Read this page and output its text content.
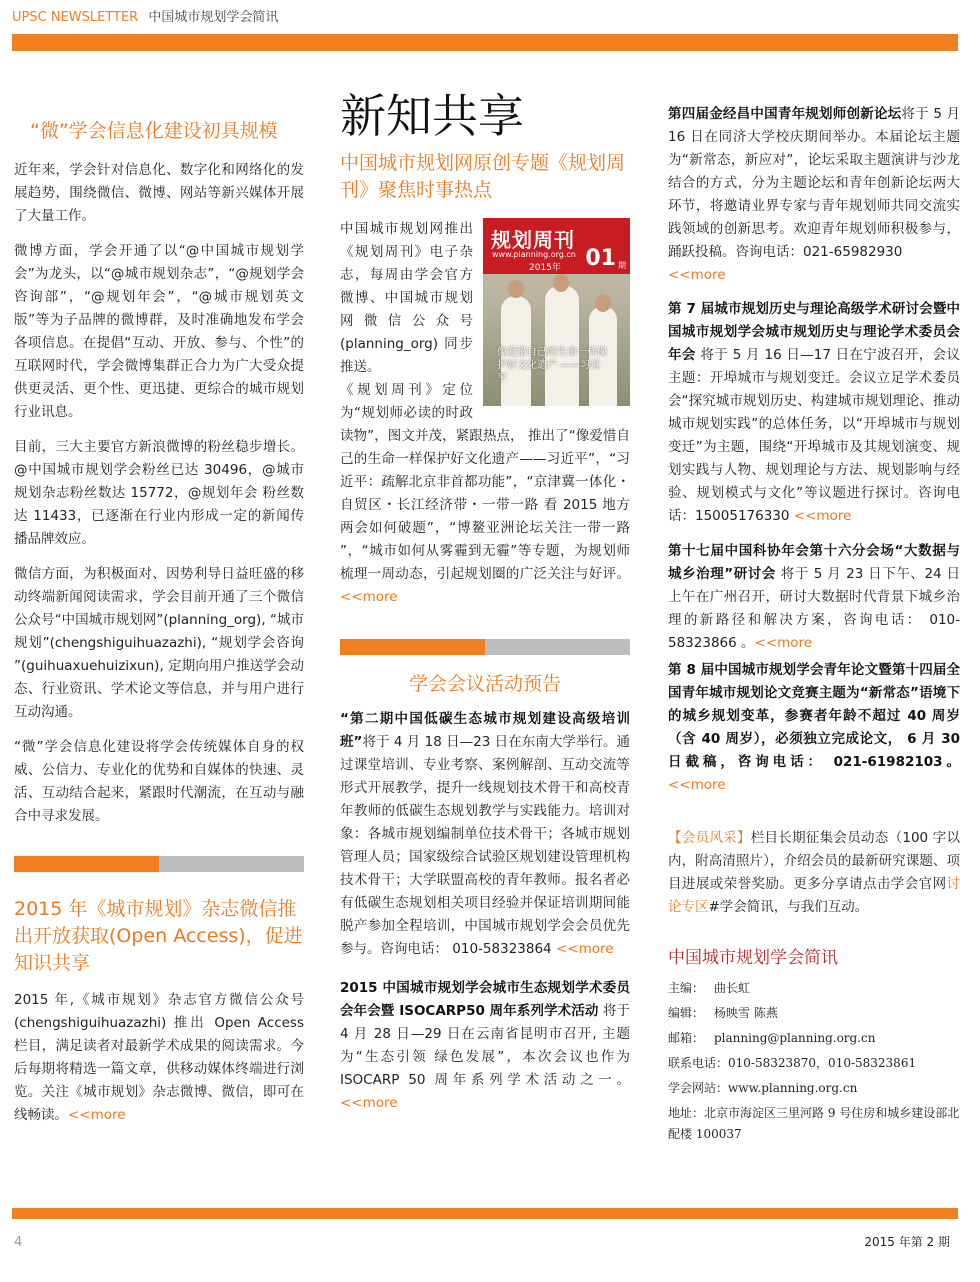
UPSC NEWSLETTER 中国城市规划学会简讯
“微”学会信息化建设初具规模

近年来，学会针对信息化、数字化和网络化的发展趋势，围绕微信、微博、网站等新兴媒体开展了大量工作。

微博方面，学会开通了以“@中国城市规划学会”为龙头，以“@城市规划杂志”，“@规划学会咨询部”，“@规划年会”，“@城市规划英文版”等为子品牌的微博群，及时准确地发布学会各项信息。在提倡“互动、开放、参与、个性”的互联网时代，学会微博集群正合力为广大受众提供更灵活、更个性、更迅捷、更综合的城市规划行业讯息。

目前，三大主要官方新浪微博的粉丝稳步增长。@中国城市规划学会粉丝已达 30496，@城市规划杂志粉丝数达 15772，@规划年会 粉丝数达 11433，已逐渐在行业内形成一定的新闻传播品牌效应。

微信方面，为积极面对、因势利导日益旺盛的移动终端新闻阅读需求，学会目前开通了三个微信公众号“中国城市规划网”(planning_org), “城市规划”(chengshiguihuazazhi), “规划学会咨询 ”(guihuaxuehuizixun), 定期向用户推送学会动态、行业资讯、学术论文等信息，并与用户进行互动沟通。

“微”学会信息化建设将学会传统媒体自身的权威、公信力、专业化的优势和自媒体的快速、灵活、互动结合起来，紧跟时代潮流，在互动与融合中寻求发展。

2015 年《城市规划》杂志微信推出开放获取(Open Access)，促进知识共享

2015 年,《城市规划》杂志官方微信公众号(chengshiguihuazazhi) 推出 Open Access 栏目，满足读者对最新学术成果的阅读需求。今后每期将精选一篇文章，供移动媒体终端进行浏览。关注《城市规划》杂志微博、微信，即可在线畅读。<<more

新知共享
中国城市规划网原创专题《规划周刊》聚焦时事热点
规划周刊
www.planning.org.cn
2015年 01 期
像爱惜自己的生命一样保护好文化遗产 ——习近平

中国城市规划网推出《规划周刊》电子杂志，每周由学会官方微博、中国城市规划网微信公众号(planning_org) 同步推送。

《规划周刊》定位为“规划师必读的时政读物”，图文并茂，紧跟热点， 推出了“像爱惜自己的生命一样保护好文化遗产——习近平”，“习近平：疏解北京非首都功能”，“京津冀一体化・自贸区・长江经济带・一带一路 看 2015 地方两会如何破题”，“博鳌亚洲论坛关注一带一路 ”，“城市如何从雾霾到无霾”等专题，为规划师梳理一周动态，引起规划圈的广泛关注与好评。 <<more

学会会议活动预告

“第二期中国低碳生态城市规划建设高级培训班”将于 4 月 18 日—23 日在东南大学举行。通过课堂培训、专业考察、案例解剖、互动交流等形式开展教学，提升一线规划技术骨干和高校青年教师的低碳生态规划教学与实践能力。培训对象：各城市规划编制单位技术骨干；各城市规划管理人员；国家级综合试验区规划建设管理机构技术骨干；大学联盟高校的青年教师。报名者必有低碳生态规划相关项目经验并保证培训期间能脱产参加全程培训，中国城市规划学会会员优先参与。咨询电话： 010-58323864 <<more

2015 中国城市规划学会城市生态规划学术委员会年会暨 ISOCARP50 周年系列学术活动 将于 4 月 28 日—29 日在云南省昆明市召开, 主题为“生态引领 绿色发展”，本次会议也作为 ISOCARP 50 周年系列学术活动之一。<<more

第四届金经昌中国青年规划师创新论坛将于 5 月 16 日在同济大学校庆期间举办。本届论坛主题为“新常态，新应对”，论坛采取主题演讲与沙龙结合的方式，分为主题论坛和青年创新论坛两大环节，将邀请业界专家与青年规划师共同交流实践领域的创新思考。欢迎青年规划师积极参与，踊跃投稿。咨询电话：021-65982930
<<more

第 7 届城市规划历史与理论高级学术研讨会暨中国城市规划学会城市规划历史与理论学术委员会年会 将于 5 月 16 日—17 日在宁波召开，会议主题：开埠城市与规划变迁。会议立足学术委员会“探究城市规划历史、构建城市规划理论、推动城市规划实践”的总体任务，以“开埠城市与规划变迁”为主题，围绕“开埠城市及其规划演变、规划实践与人物、规划理论与方法、规划影响与经验、规划模式与文化”等议题进行探讨。咨询电话：15005176330 <<more

第十七届中国科协年会第十六分会场“大数据与城乡治理”研讨会 将于 5 月 23 日下午、24 日上午在广州召开，研讨大数据时代背景下城乡治理的新路径和解决方案，咨询电话： 010-58323866 。<<more

第 8 届中国城市规划学会青年论文暨第十四届全国青年城市规划论文竞赛主题为“新常态”语境下的城乡规划变革，参赛者年龄不超过 40 周岁（含 40 周岁），必须独立完成论文， 6 月 30 日截稿，咨询电话： 021-61982103。<<more

【会员风采】栏目长期征集会员动态（100 字以内，附高清照片），介绍会员的最新研究课题、项目进展或荣誉奖励。更多分享请点击学会官网讨论专区#学会简讯，与我们互动。

中国城市规划学会简讯

主编： 曲长虹

编辑： 杨映雪 陈燕

邮箱： planning@planning.org.cn

联系电话：010-58323870，010-58323861

学会网站：www.planning.org.cn

地址：北京市海淀区三里河路 9 号住房和城乡建设部北配楼 100037

4	2015 年第 2 期
